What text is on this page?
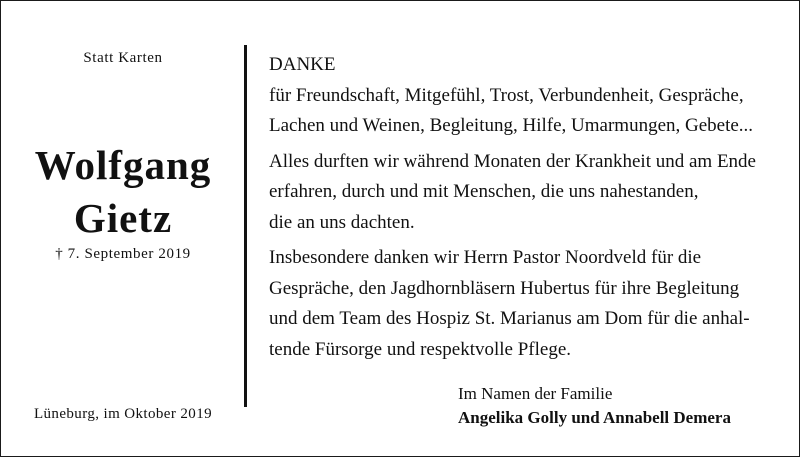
Statt Karten
Wolfgang
Gietz
† 7. September 2019
Lüneburg, im Oktober 2019
DANKE
für Freundschaft, Mitgefühl, Trost, Verbundenheit, Gespräche,
Lachen und Weinen, Begleitung, Hilfe, Umarmungen, Gebete...
Alles durften wir während Monaten der Krankheit und am Ende
erfahren, durch und mit Menschen, die uns nahestanden,
die an uns dachten.
Insbesondere danken wir Herrn Pastor Noordveld für die
Gespräche, den Jagdhornbläsern Hubertus für ihre Begleitung
und dem Team des Hospiz St. Marianus am Dom für die anhal-
tende Fürsorge und respektvolle Pflege.
Im Namen der Familie
Angelika Golly und Annabell Demera
